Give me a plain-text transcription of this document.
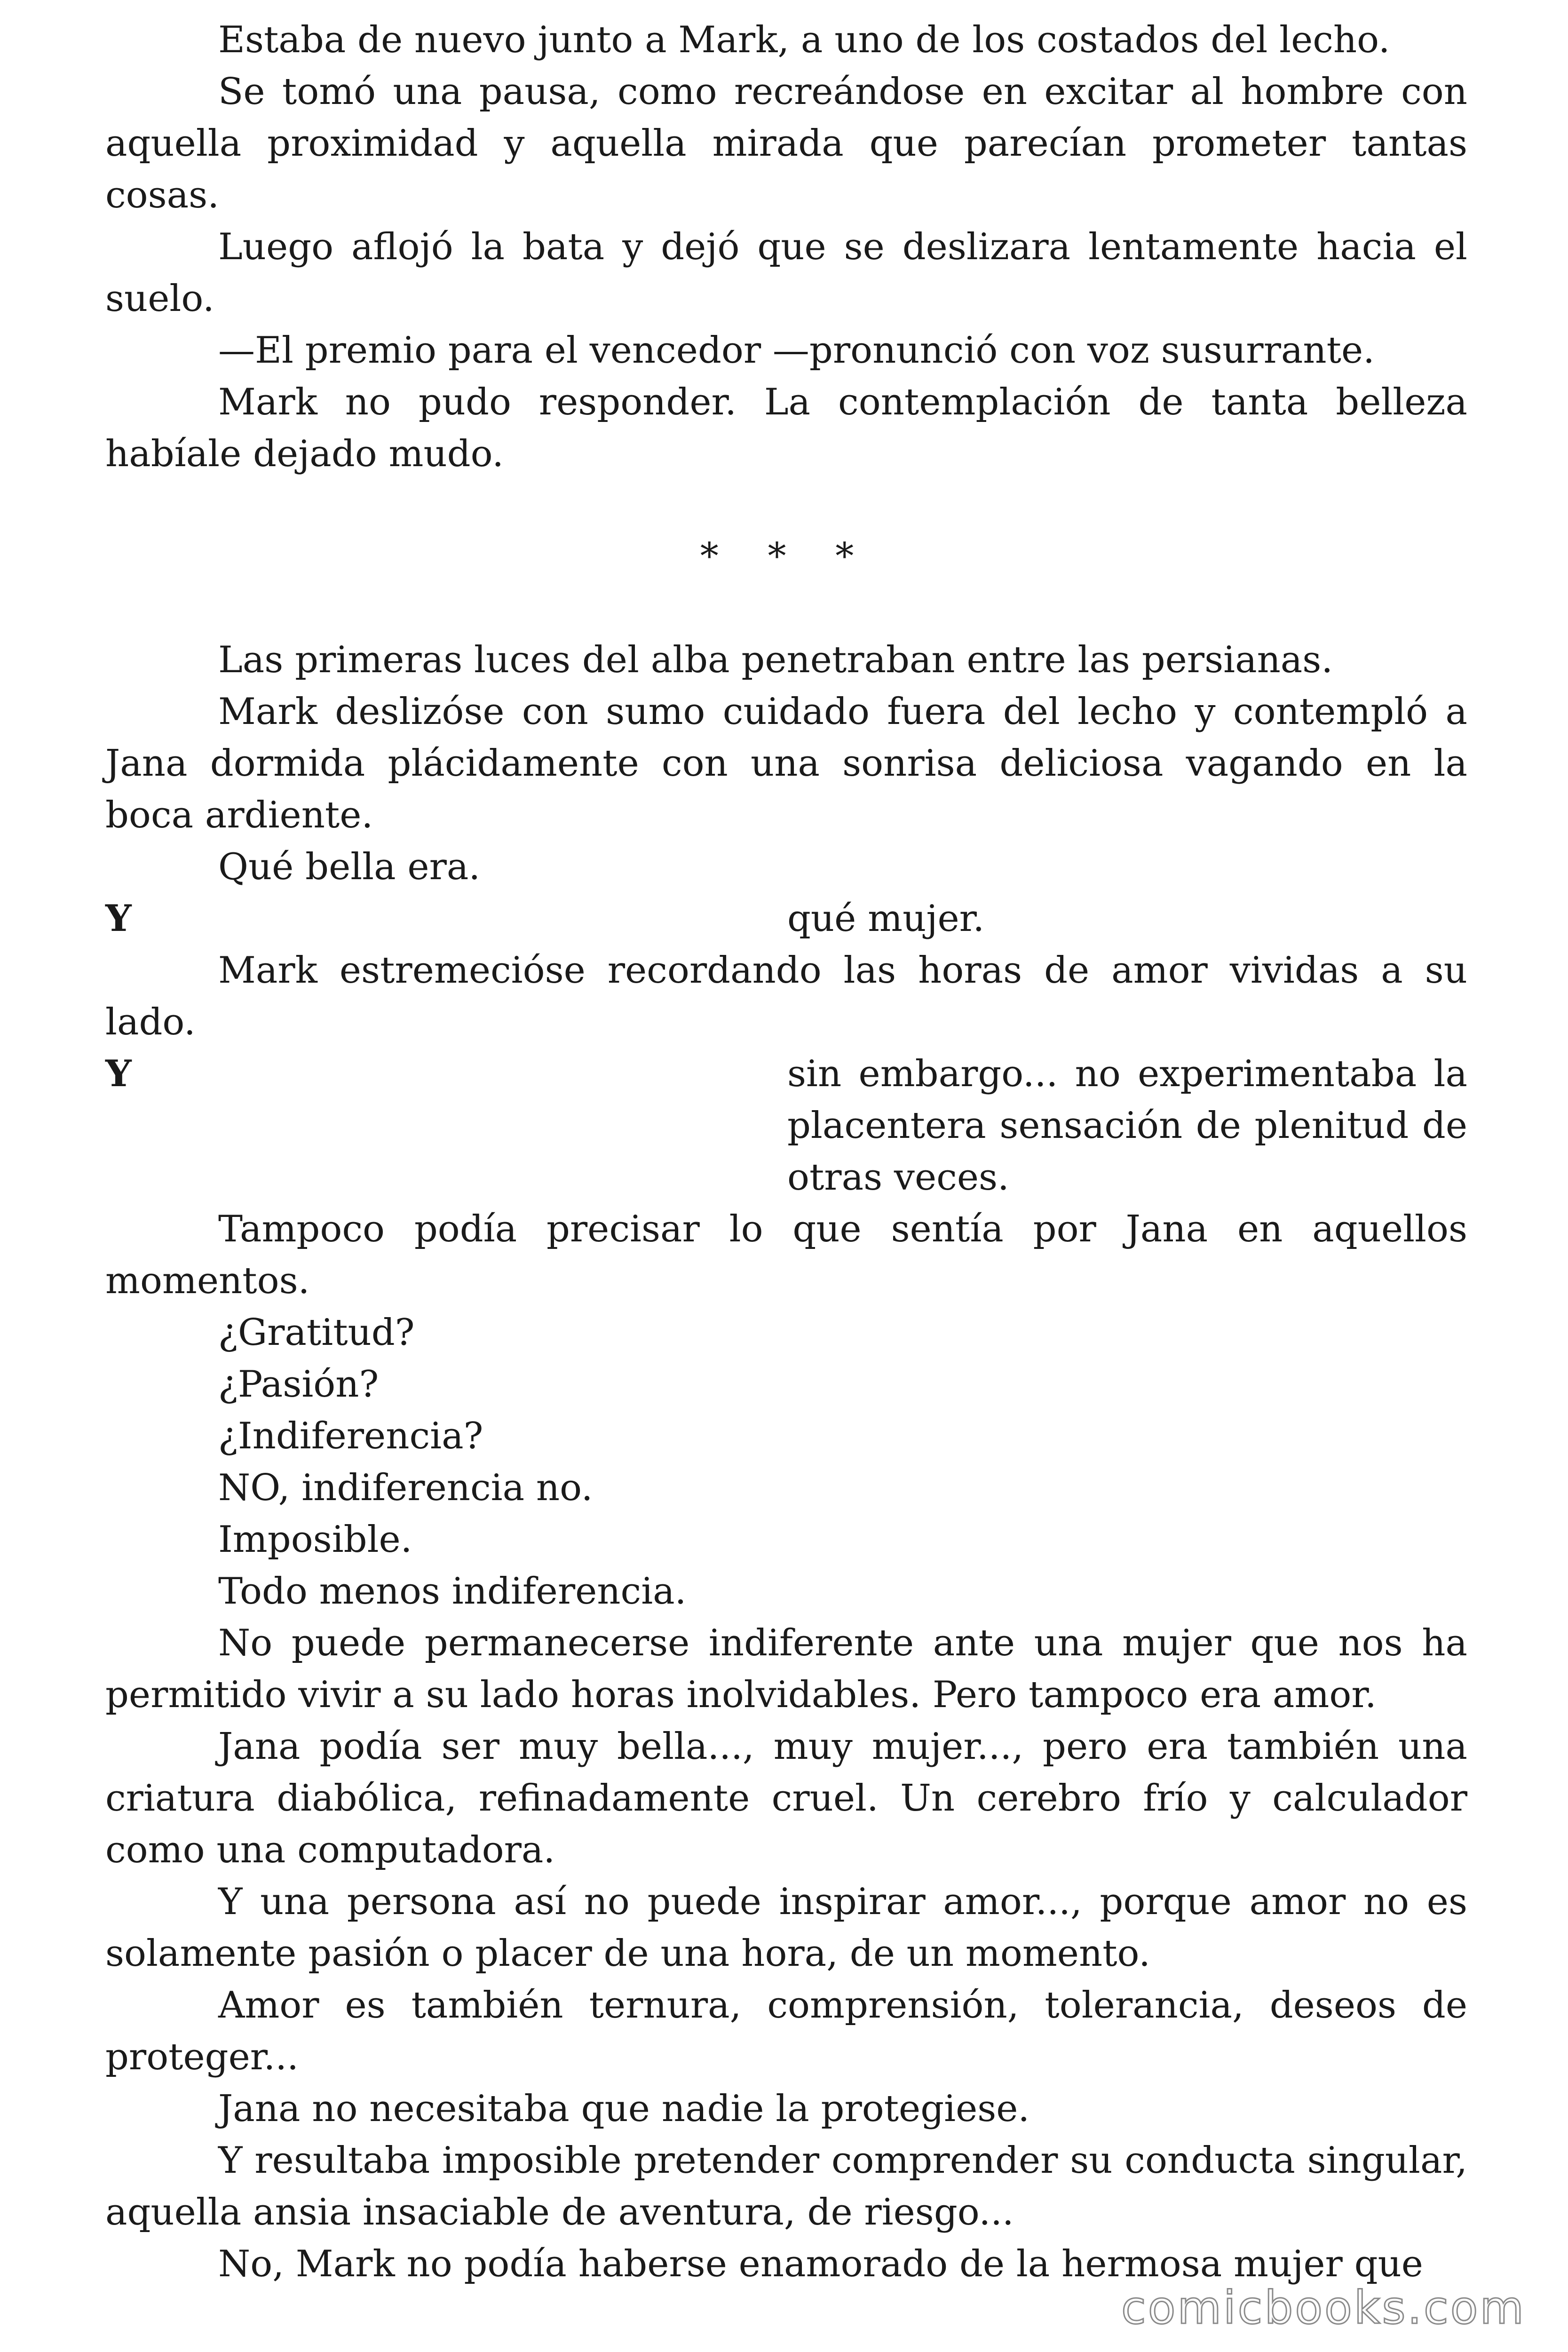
Estaba de nuevo junto a Mark, a uno de los costados del lecho.

Se tomó una pausa, como recreándose en excitar al hombre con aquella proximidad y aquella mirada que parecían prometer tantas cosas.

Luego aflojó la bata y dejó que se deslizara lentamente hacia el suelo.

—El premio para el vencedor —pronunció con voz susurrante.

Mark no pudo responder. La contemplación de tanta belleza habíale dejado mudo.

* * *

Las primeras luces del alba penetraban entre las persianas.

Mark deslizóse con sumo cuidado fuera del lecho y contempló a Jana dormida plácidamente con una sonrisa deliciosa vagando en la boca ardiente.

Qué bella era.

Y	qué mujer.

Mark estremecióse recordando las horas de amor vividas a su lado.

Y	sin embargo... no experimentaba la placentera sensación de plenitud de otras veces.

Tampoco podía precisar lo que sentía por Jana en aquellos momentos.

¿Gratitud?

¿Pasión?

¿Indiferencia?

NO, indiferencia no.

Imposible.

Todo menos indiferencia.

No puede permanecerse indiferente ante una mujer que nos ha permitido vivir a su lado horas inolvidables. Pero tampoco era amor.

Jana podía ser muy bella..., muy mujer..., pero era también una criatura diabólica, refinadamente cruel. Un cerebro frío y calculador como una computadora.

Y una persona así no puede inspirar amor..., porque amor no es solamente pasión o placer de una hora, de un momento.

Amor es también ternura, comprensión, tolerancia, deseos de proteger...

Jana no necesitaba que nadie la protegiese.

Y resultaba imposible pretender comprender su conducta singular, aquella ansia insaciable de aventura, de riesgo...

No, Mark no podía haberse enamorado de la hermosa mujer que

comicbooks.com
